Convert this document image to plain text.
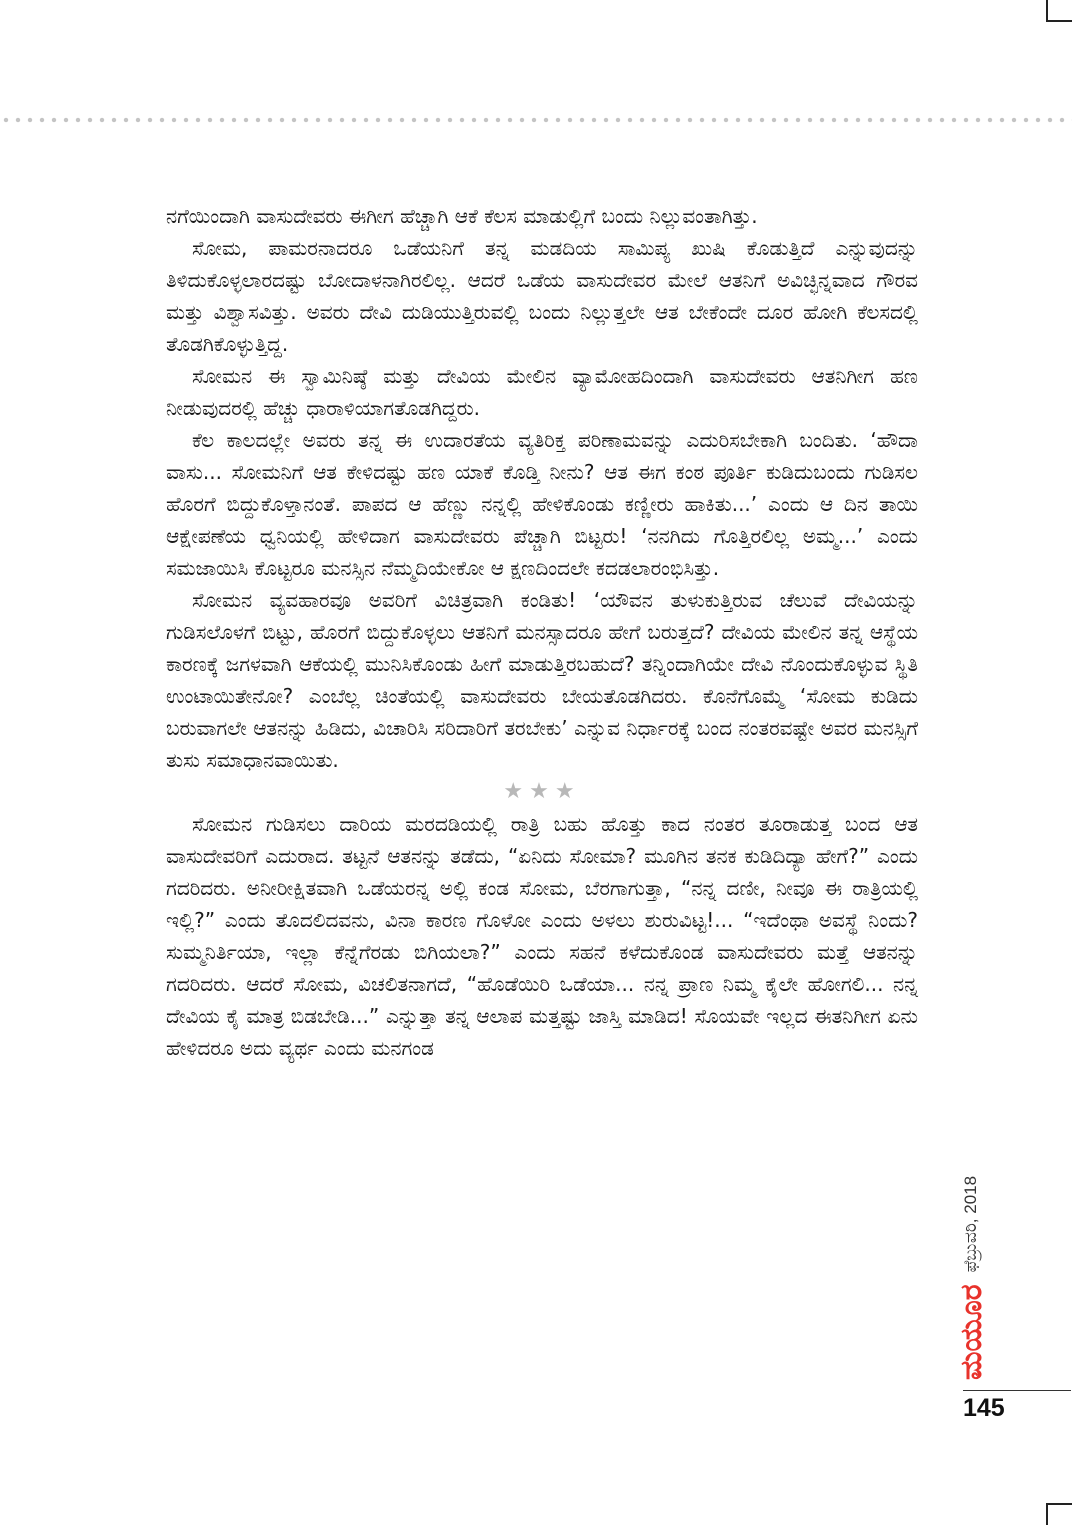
ನಗೆಯಿಂದಾಗಿ ವಾಸುದೇವರು ಈಗೀಗ ಹೆಚ್ಚಾಗಿ ಆಕೆ ಕೆಲಸ ಮಾಡುಲ್ಲಿಗೆ ಬಂದು ನಿಲ್ಲುವಂತಾಗಿತ್ತು.

ಸೋಮ, ಪಾಮರನಾದರೂ ಒಡೆಯನಿಗೆ ತನ್ನ ಮಡದಿಯ ಸಾಮಿಪ್ಯ ಖುಷಿ ಕೊಡುತ್ತಿದೆ ಎನ್ನುವುದನ್ನು ತಿಳಿದುಕೊಳ್ಳಲಾರದಷ್ಟು ಬೋದಾಳನಾಗಿರಲಿಲ್ಲ. ಆದರೆ ಒಡೆಯ ವಾಸುದೇವರ ಮೇಲೆ ಆತನಿಗೆ ಅವಿಚ್ಛಿನ್ನವಾದ ಗೌರವ ಮತ್ತು ವಿಶ್ವಾಸವಿತ್ತು. ಅವರು ದೇವಿ ದುಡಿಯುತ್ತಿರುವಲ್ಲಿ ಬಂದು ನಿಲ್ಲುತ್ತಲೇ ಆತ ಬೇಕೆಂದೇ ದೂರ ಹೋಗಿ ಕೆಲಸದಲ್ಲಿ ತೊಡಗಿಕೊಳ್ಳುತ್ತಿದ್ದ.

ಸೋಮನ ಈ ಸ್ವಾಮಿನಿಷ್ಠೆ ಮತ್ತು ದೇವಿಯ ಮೇಲಿನ ವ್ಯಾಮೋಹದಿಂದಾಗಿ ವಾಸುದೇವರು ಆತನಿಗೀಗ ಹಣ ನೀಡುವುದರಲ್ಲಿ ಹೆಚ್ಚು ಧಾರಾಳಿಯಾಗತೊಡಗಿದ್ದರು.

ಕೆಲ ಕಾಲದಲ್ಲೇ ಅವರು ತನ್ನ ಈ ಉದಾರತೆಯ ವ್ಯತಿರಿಕ್ತ ಪರಿಣಾಮವನ್ನು ಎದುರಿಸಬೇಕಾಗಿ ಬಂದಿತು. ‘ಹೌದಾ ವಾಸು... ಸೋಮನಿಗೆ ಆತ ಕೇಳಿದಷ್ಟು ಹಣ ಯಾಕೆ ಕೊಡ್ತಿ ನೀನು? ಆತ ಈಗ ಕಂಠ ಪೂರ್ತಿ ಕುಡಿದುಬಂದು ಗುಡಿಸಲ ಹೊರಗೆ ಬಿದ್ದುಕೊಳ್ತಾನಂತೆ. ಪಾಪದ ಆ ಹೆಣ್ಣು ನನ್ನಲ್ಲಿ ಹೇಳಿಕೊಂಡು ಕಣ್ಣೀರು ಹಾಕಿತು...’ ಎಂದು ಆ ದಿನ ತಾಯಿ ಆಕ್ಷೇಪಣೆಯ ಧ್ವನಿಯಲ್ಲಿ ಹೇಳಿದಾಗ ವಾಸುದೇವರು ಪೆಚ್ಚಾಗಿ ಬಿಟ್ಟರು! ‘ನನಗಿದು ಗೊತ್ತಿರಲಿಲ್ಲ ಅಮ್ಮ...’ ಎಂದು ಸಮಜಾಯಿಸಿ ಕೊಟ್ಟರೂ ಮನಸ್ಸಿನ ನೆಮ್ಮದಿಯೇಕೋ ಆ ಕ್ಷಣದಿಂದಲೇ ಕದಡಲಾರಂಭಿಸಿತ್ತು.

ಸೋಮನ ವ್ಯವಹಾರವೂ ಅವರಿಗೆ ವಿಚಿತ್ರವಾಗಿ ಕಂಡಿತು! ‘ಯೌವನ ತುಳುಕುತ್ತಿರುವ ಚೆಲುವೆ ದೇವಿಯನ್ನು ಗುಡಿಸಲೊಳಗೆ ಬಿಟ್ಟು, ಹೊರಗೆ ಬಿದ್ದುಕೊಳ್ಳಲು ಆತನಿಗೆ ಮನಸ್ಸಾದರೂ ಹೇಗೆ ಬರುತ್ತದೆ? ದೇವಿಯ ಮೇಲಿನ ತನ್ನ ಆಸ್ಥೆಯ ಕಾರಣಕ್ಕೆ ಜಗಳವಾಗಿ ಆಕೆಯಲ್ಲಿ ಮುನಿಸಿಕೊಂಡು ಹೀಗೆ ಮಾಡುತ್ತಿರಬಹುದೆ? ತನ್ನಿಂದಾಗಿಯೇ ದೇವಿ ನೊಂದುಕೊಳ್ಳುವ ಸ್ಥಿತಿ ಉಂಟಾಯಿತೇನೋ? ಎಂಬೆಲ್ಲ ಚಿಂತೆಯಲ್ಲಿ ವಾಸುದೇವರು ಬೇಯತೊಡಗಿದರು. ಕೊನೆಗೊಮ್ಮೆ ‘ಸೋಮ ಕುಡಿದು ಬರುವಾಗಲೇ ಆತನನ್ನು ಹಿಡಿದು, ವಿಚಾರಿಸಿ ಸರಿದಾರಿಗೆ ತರಬೇಕು’ ಎನ್ನುವ ನಿರ್ಧಾರಕ್ಕೆ ಬಂದ ನಂತರವಷ್ಟೇ ಅವರ ಮನಸ್ಸಿಗೆ ತುಸು ಸಮಾಧಾನವಾಯಿತು.

★★★

ಸೋಮನ ಗುಡಿಸಲು ದಾರಿಯ ಮರದಡಿಯಲ್ಲಿ ರಾತ್ರಿ ಬಹು ಹೊತ್ತು ಕಾದ ನಂತರ ತೂರಾಡುತ್ತ ಬಂದ ಆತ ವಾಸುದೇವರಿಗೆ ಎದುರಾದ. ತಟ್ಟನೆ ಆತನನ್ನು ತಡೆದು, “ಏನಿದು ಸೋಮಾ? ಮೂಗಿನ ತನಕ ಕುಡಿದಿದ್ಯಾ ಹೇಗೆ?” ಎಂದು ಗದರಿದರು. ಅನೀರೀಕ್ಷಿತವಾಗಿ ಒಡೆಯರನ್ನ ಅಲ್ಲಿ ಕಂಡ ಸೋಮ, ಬೆರಗಾಗುತ್ತಾ, “ನನ್ನ ದಣೀ, ನೀವೂ ಈ ರಾತ್ರಿಯಲ್ಲಿ ಇಲ್ಲಿ?” ಎಂದು ತೊದಲಿದವನು, ವಿನಾ ಕಾರಣ ಗೊಳೋ ಎಂದು ಅಳಲು ಶುರುವಿಟ್ಟ!... “ಇದೆಂಥಾ ಅವಸ್ಥೆ ನಿಂದು? ಸುಮ್ಮನಿರ್ತಿಯಾ, ಇಲ್ಲಾ ಕೆನ್ನೆಗೆರಡು ಬಿಗಿಯಲಾ?” ಎಂದು ಸಹನೆ ಕಳೆದುಕೊಂಡ ವಾಸುದೇವರು ಮತ್ತೆ ಆತನನ್ನು ಗದರಿದರು. ಆದರೆ ಸೋಮ, ವಿಚಲಿತನಾಗದೆ, “ಹೊಡೆಯಿರಿ ಒಡೆಯಾ... ನನ್ನ ಪ್ರಾಣ ನಿಮ್ಮ ಕೈಲೇ ಹೋಗಲಿ... ನನ್ನ ದೇವಿಯ ಕೈ ಮಾತ್ರ ಬಿಡಬೇಡಿ...” ಎನ್ನುತ್ತಾ ತನ್ನ ಆಲಾಪ ಮತ್ತಷ್ಟು ಜಾಸ್ತಿ ಮಾಡಿದ! ಸೊಯವೇ ಇಲ್ಲದ ಈತನಿಗೀಗ ಏನು ಹೇಳಿದರೂ ಅದು ವ್ಯರ್ಥ ಎಂದು ಮನಗಂಡ

ಮಯೂರ
ಫೆಬ್ರುವರಿ, 2018
145
